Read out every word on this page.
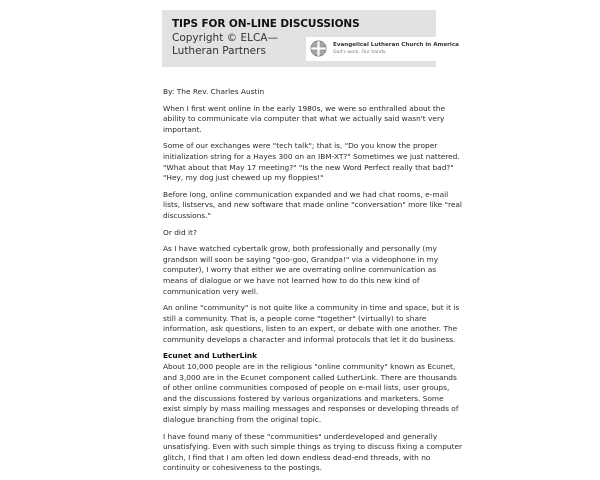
TIPS FOR ON-LINE DISCUSSIONS
Copyright © ELCA—Lutheran Partners	Evangelical Lutheran Church in America
God's work. Our hands.

By: The Rev. Charles Austin

When I first went online in the early 1980s, we were so enthralled about the ability to communicate via computer that what we actually said wasn't very important.

Some of our exchanges were "tech talk"; that is, "Do you know the proper initialization string for a Hayes 300 on an IBM-XT?" Sometimes we just nattered. "What about that May 17 meeting?" "Is the new Word Perfect really that bad?" "Hey, my dog just chewed up my floppies!"

Before long, online communication expanded and we had chat rooms, e-mail lists, listservs, and new software that made online "conversation" more like "real discussions."

Or did it?

As I have watched cybertalk grow, both professionally and personally (my grandson will soon be saying "goo-goo, Grandpa!" via a videophone in my computer), I worry that either we are overrating online communication as means of dialogue or we have not learned how to do this new kind of communication very well.

An online "community" is not quite like a community in time and space, but it is still a community. That is, a people come "together" (virtually) to share information, ask questions, listen to an expert, or debate with one another. The community develops a character and informal protocols that let it do business.

Ecunet and LutherLink

About 10,000 people are in the religious "online community" known as Ecunet, and 3,000 are in the Ecunet component called LutherLink. There are thousands of other online communities composed of people on e-mail lists, user groups, and the discussions fostered by various organizations and marketers. Some exist simply by mass mailing messages and responses or developing threads of dialogue branching from the original topic.

I have found many of these "communities" underdeveloped and generally unsatisfying. Even with such simple things as trying to discuss fixing a computer glitch, I find that I am often led down endless dead-end threads, with no continuity or cohesiveness to the postings.
